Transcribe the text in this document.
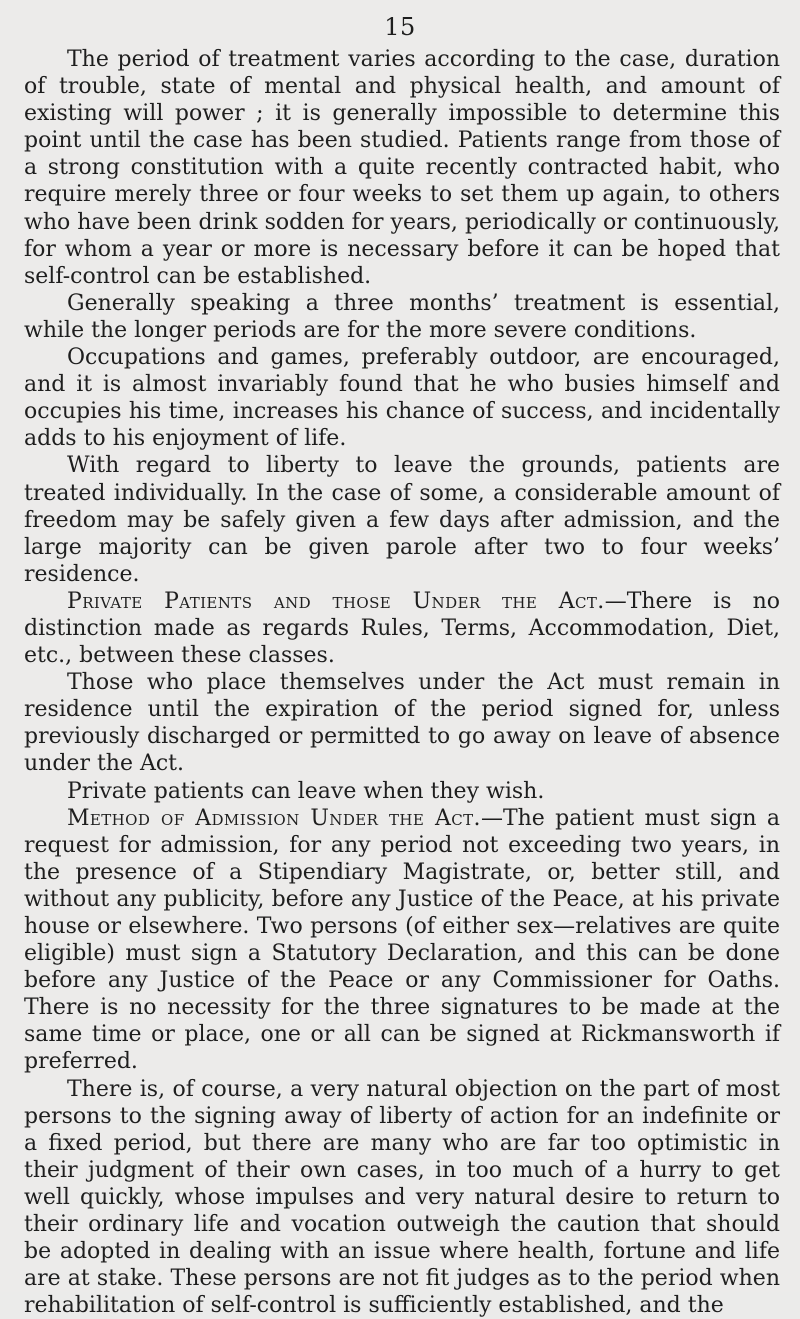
15

The period of treatment varies according to the case, duration of trouble, state of mental and physical health, and amount of existing will power ; it is generally impossible to determine this point until the case has been studied. Patients range from those of a strong constitution with a quite recently contracted habit, who require merely three or four weeks to set them up again, to others who have been drink sodden for years, periodically or continuously, for whom a year or more is necessary before it can be hoped that self-control can be established.

Generally speaking a three months’ treatment is essential, while the longer periods are for the more severe conditions.

Occupations and games, preferably outdoor, are encouraged, and it is almost invariably found that he who busies himself and occupies his time, increases his chance of success, and incidentally adds to his enjoyment of life.

With regard to liberty to leave the grounds, patients are treated individually. In the case of some, a considerable amount of freedom may be safely given a few days after admission, and the large majority can be given parole after two to four weeks’ residence.

Private Patients and those Under the Act.—There is no distinction made as regards Rules, Terms, Accommodation, Diet, etc., between these classes.

Those who place themselves under the Act must remain in residence until the expiration of the period signed for, unless previously discharged or permitted to go away on leave of absence under the Act.

Private patients can leave when they wish.

Method of Admission Under the Act.—The patient must sign a request for admission, for any period not exceeding two years, in the presence of a Stipendiary Magistrate, or, better still, and without any publicity, before any Justice of the Peace, at his private house or elsewhere. Two persons (of either sex—relatives are quite eligible) must sign a Statutory Declaration, and this can be done before any Justice of the Peace or any Commissioner for Oaths. There is no necessity for the three signatures to be made at the same time or place, one or all can be signed at Rickmansworth if preferred.

There is, of course, a very natural objection on the part of most persons to the signing away of liberty of action for an indefinite or a fixed period, but there are many who are far too optimistic in their judgment of their own cases, in too much of a hurry to get well quickly, whose impulses and very natural desire to return to their ordinary life and vocation outweigh the caution that should be adopted in dealing with an issue where health, fortune and life are at stake. These persons are not fit judges as to the period when rehabilitation of self-control is sufficiently established, and the
